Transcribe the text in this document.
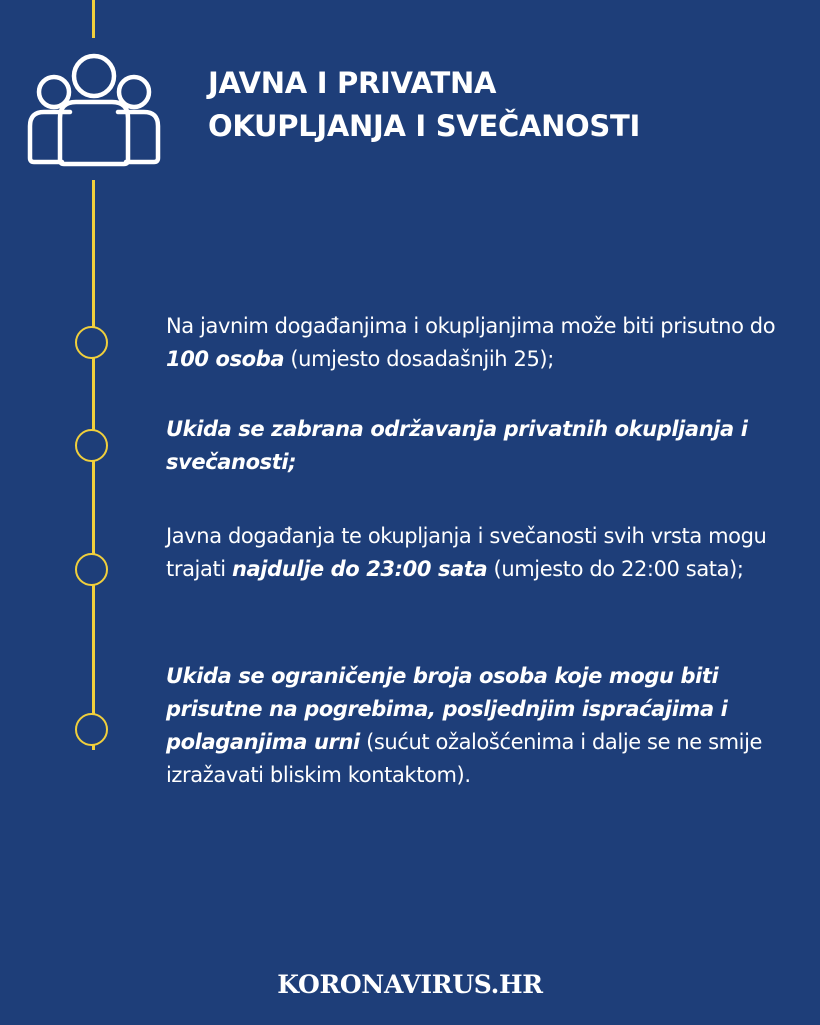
JAVNA I PRIVATNA
OKUPLJANJA I SVEČANOSTI

Na javnim događanjima i okupljanjima može biti prisutno do 100 osoba (umjesto dosadašnjih 25);

Ukida se zabrana održavanja privatnih okupljanja i svečanosti;

Javna događanja te okupljanja i svečanosti svih vrsta mogu trajati najdulje do 23:00 sata (umjesto do 22:00 sata);

Ukida se ograničenje broja osoba koje mogu biti prisutne na pogrebima, posljednjim ispraćajima i polaganjima urni (sućut ožalošćenima i dalje se ne smije izražavati bliskim kontaktom).

KORONAVIRUS.HR
